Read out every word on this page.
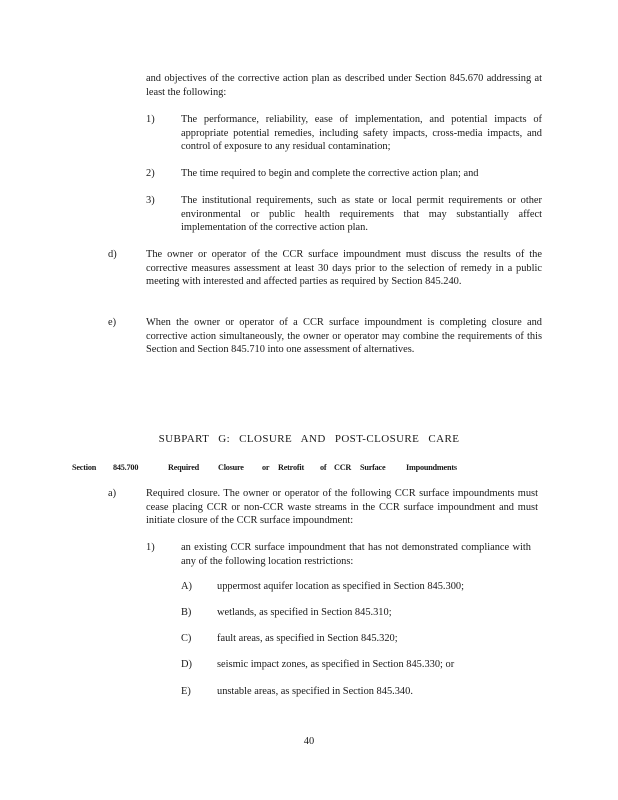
and objectives of the corrective action plan as described under Section 845.670 addressing at least the following:

1)	The performance, reliability, ease of implementation, and potential impacts of appropriate potential remedies, including safety impacts, cross-media impacts, and control of exposure to any residual contamination;

2)	The time required to begin and complete the corrective action plan; and

3)	The institutional requirements, such as state or local permit requirements or other environmental or public health requirements that may substantially affect implementation of the corrective action plan.

d)	The owner or operator of the CCR surface impoundment must discuss the results of the corrective measures assessment at least 30 days prior to the selection of remedy in a public meeting with interested and affected parties as required by Section 845.240.

e)	When the owner or operator of a CCR surface impoundment is completing closure and corrective action simultaneously, the owner or operator may combine the requirements of this Section and Section 845.710 into one assessment of alternatives.

SUBPART G: CLOSURE AND POST-CLOSURE CARE
Section 845.700	Required Closure or Retrofit of CCR Surface	Impoundments
a)	Required closure. The owner or operator of the following CCR surface impoundments must cease placing CCR or non-CCR waste streams in the CCR surface impoundment and must initiate closure of the CCR surface impoundment:

1)	an existing CCR surface impoundment that has not demonstrated compliance with any of the following location restrictions:

A) uppermost aquifer location as specified in Section 845.300;

B) wetlands, as specified in Section 845.310;

C) fault areas, as specified in Section 845.320;

D) seismic impact zones, as specified in Section 845.330; or

E)	unstable areas, as specified in Section 845.340.

40
